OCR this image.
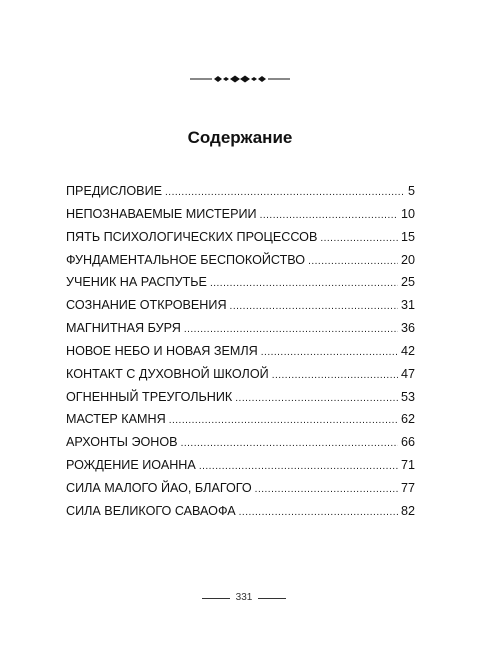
Содержание
ПРЕДИСЛОВИЕ .....	5
НЕПОЗНАВАЕМЫЕ МИСТЕРИИ .....	10
ПЯТЬ ПСИХОЛОГИЧЕСКИХ ПРОЦЕССОВ .....	15
ФУНДАМЕНТАЛЬНОЕ БЕСПОКОЙСТВО .....	20
УЧЕНИК НА РАСПУТЬЕ .....	25
СОЗНАНИЕ ОТКРОВЕНИЯ .....	31
МАГНИТНАЯ БУРЯ .....	36
НОВОЕ НЕБО И НОВАЯ ЗЕМЛЯ .....	42
КОНТАКТ С ДУХОВНОЙ ШКОЛОЙ .....	47
ОГНЕННЫЙ ТРЕУГОЛЬНИК .....	53
МАСТЕР КАМНЯ .....	62
АРХОНТЫ ЭОНОВ .....	66
РОЖДЕНИЕ ИОАННА .....	71
СИЛА МАЛОГО ЙАО, БЛАГОГО .....	77
СИЛА ВЕЛИКОГО САВАОФА .....	82
331
